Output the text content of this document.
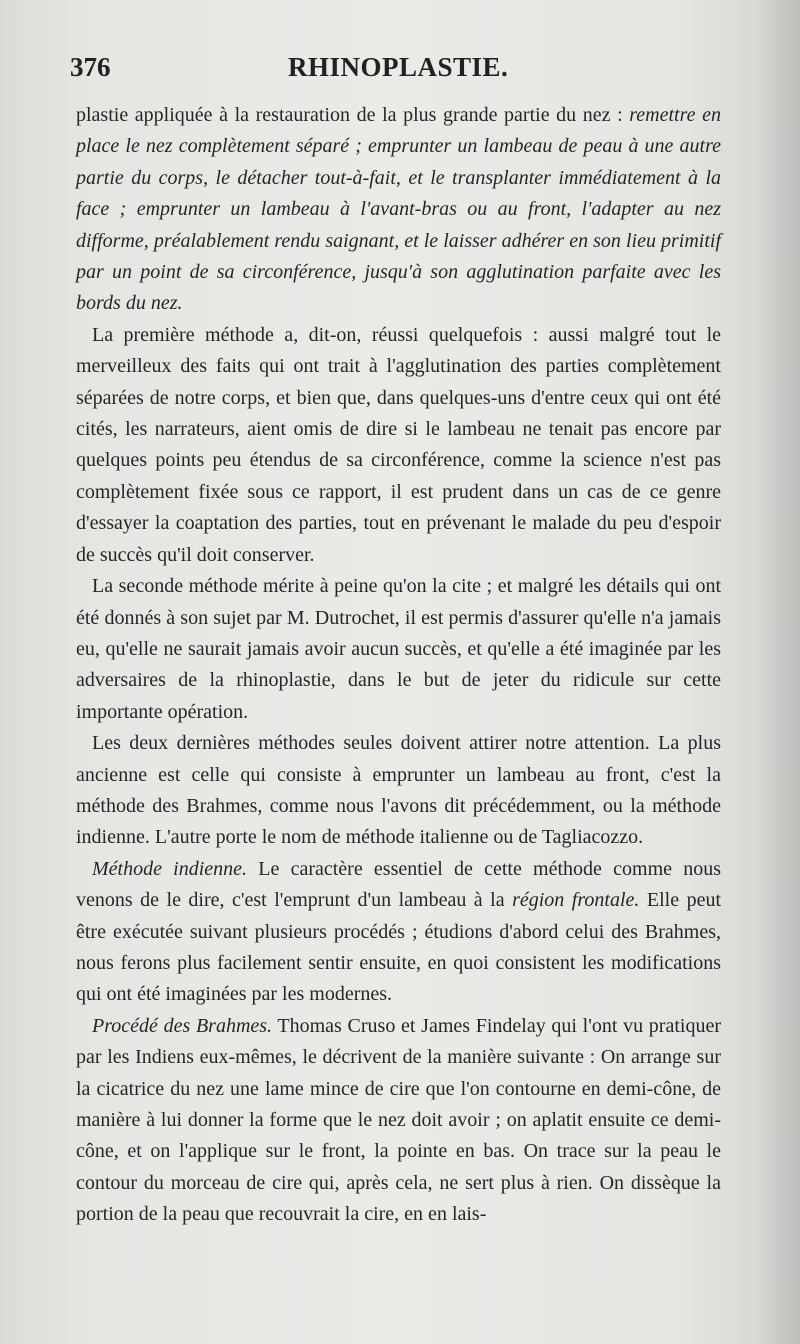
376	RHINOPLASTIE.

plastie appliquée à la restauration de la plus grande partie du nez : remettre en place le nez complètement séparé ; emprunter un lambeau de peau à une autre partie du corps, le détacher tout-à-fait, et le transplanter immédiatement à la face ; emprunter un lambeau à l'avant-bras ou au front, l'adapter au nez difforme, préalablement rendu saignant, et le laisser adhérer en son lieu primitif par un point de sa circonférence, jusqu'à son agglutination parfaite avec les bords du nez.

La première méthode a, dit-on, réussi quelquefois : aussi malgré tout le merveilleux des faits qui ont trait à l'agglutination des parties complètement séparées de notre corps, et bien que, dans quelques-uns d'entre ceux qui ont été cités, les narrateurs, aient omis de dire si le lambeau ne tenait pas encore par quelques points peu étendus de sa circonférence, comme la science n'est pas complètement fixée sous ce rapport, il est prudent dans un cas de ce genre d'essayer la coaptation des parties, tout en prévenant le malade du peu d'espoir de succès qu'il doit conserver.

La seconde méthode mérite à peine qu'on la cite ; et malgré les détails qui ont été donnés à son sujet par M. Dutrochet, il est permis d'assurer qu'elle n'a jamais eu, qu'elle ne saurait jamais avoir aucun succès, et qu'elle a été imaginée par les adversaires de la rhinoplastie, dans le but de jeter du ridicule sur cette importante opération.

Les deux dernières méthodes seules doivent attirer notre attention. La plus ancienne est celle qui consiste à emprunter un lambeau au front, c'est la méthode des Brahmes, comme nous l'avons dit précédemment, ou la méthode indienne. L'autre porte le nom de méthode italienne ou de Tagliacozzo.

Méthode indienne. Le caractère essentiel de cette méthode comme nous venons de le dire, c'est l'emprunt d'un lambeau à la région frontale. Elle peut être exécutée suivant plusieurs procédés ; étudions d'abord celui des Brahmes, nous ferons plus facilement sentir ensuite, en quoi consistent les modifications qui ont été imaginées par les modernes.

Procédé des Brahmes. Thomas Cruso et James Findelay qui l'ont vu pratiquer par les Indiens eux-mêmes, le décrivent de la manière suivante : On arrange sur la cicatrice du nez une lame mince de cire que l'on contourne en demi-cône, de manière à lui donner la forme que le nez doit avoir ; on aplatit ensuite ce demi-cône, et on l'applique sur le front, la pointe en bas. On trace sur la peau le contour du morceau de cire qui, après cela, ne sert plus à rien. On dissèque la portion de la peau que recouvrait la cire, en en lais-
